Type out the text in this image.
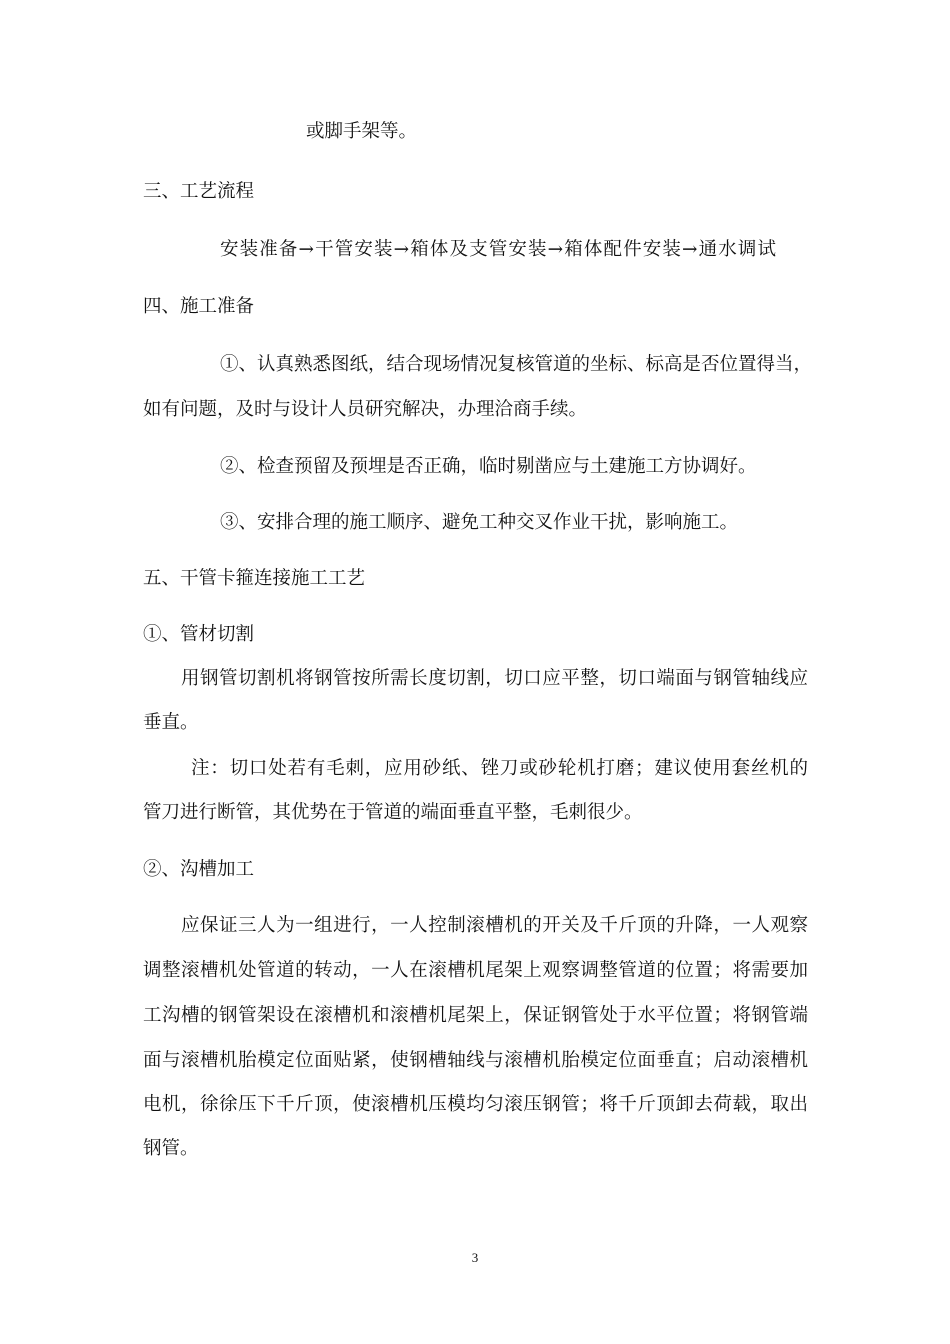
或脚手架等。

三、工艺流程

安装准备→干管安装→箱体及支管安装→箱体配件安装→通水调试

四、施工准备

①、认真熟悉图纸，结合现场情况复核管道的坐标、标高是否位置得当，

如有问题，及时与设计人员研究解决，办理洽商手续。

②、检查预留及预埋是否正确，临时剔凿应与土建施工方协调好。

③、安排合理的施工顺序、避免工种交叉作业干扰，影响施工。

五、干管卡箍连接施工工艺

①、管材切割

用钢管切割机将钢管按所需长度切割，切口应平整，切口端面与钢管轴线应

垂直。

注：切口处若有毛刺，应用砂纸、锉刀或砂轮机打磨；建议使用套丝机的

管刀进行断管，其优势在于管道的端面垂直平整，毛刺很少。

②、沟槽加工

应保证三人为一组进行，一人控制滚槽机的开关及千斤顶的升降，一人观察

调整滚槽机处管道的转动，一人在滚槽机尾架上观察调整管道的位置；将需要加

工沟槽的钢管架设在滚槽机和滚槽机尾架上，保证钢管处于水平位置；将钢管端

面与滚槽机胎模定位面贴紧，使钢槽轴线与滚槽机胎模定位面垂直；启动滚槽机

电机，徐徐压下千斤顶，使滚槽机压模均匀滚压钢管；将千斤顶卸去荷载，取出

钢管。

3
